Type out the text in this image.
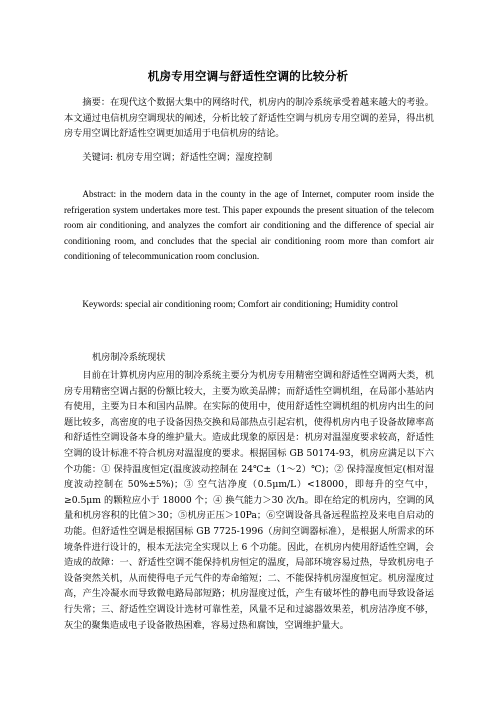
机房专用空调与舒适性空调的比较分析
摘要：在现代这个数据大集中的网络时代，机房内的制冷系统承受着越来越大的考验。本文通过电信机房空调现状的阐述，分析比较了舒适性空调与机房专用空调的差异，得出机房专用空调比舒适性空调更加适用于电信机房的结论。
关键词: 机房专用空调；舒适性空调；湿度控制
Abstract: in the modern data in the county in the age of Internet, computer room inside the refrigeration system undertakes more test. This paper expounds the present situation of the telecom room air conditioning, and analyzes the comfort air conditioning and the difference of special air conditioning room, and concludes that the special air conditioning room more than comfort air conditioning of telecommunication room conclusion.
Keywords: special air conditioning room; Comfort air conditioning; Humidity control
机房制冷系统现状
目前在计算机房内应用的制冷系统主要分为机房专用精密空调和舒适性空调两大类，机房专用精密空调占据的份额比较大，主要为欧美品牌；而舒适性空调机组，在局部小基站内有使用，主要为日本和国内品牌。在实际的使用中，使用舒适性空调机组的机房内出生的问题比较多，高密度的电子设备因热交换和局部热点引起宕机，使得机房内电子设备故障率高和舒适性空调设备本身的维护量大。造成此现象的原因是：机房对温湿度要求较高，舒适性空调的设计标准不符合机房对温湿度的要求。根据国标 GB 50174-93，机房应满足以下六个功能：① 保持温度恒定(温度波动控制在 24℃±（1～2）℃)；② 保持湿度恒定(相对湿度波动控制在 50%±5%)；③ 空气洁净度（0.5μm/L）<18000，即每升的空气中，≥0.5μm 的颗粒应小于 18000 个；④ 换气能力＞30 次/h。即在给定的机房内，空调的风量和机房容积的比值＞30；⑤机房正压＞10Pa；⑥空调设备具备远程监控及来电自启动的功能。但舒适性空调是根据国标 GB 7725-1996（房间空调器标准），是根据人所需求的环境条件进行设计的，根本无法完全实现以上 6 个功能。因此，在机房内使用舒适性空调，会造成的故障：一、舒适性空调不能保持机房恒定的温度，局部环境容易过热，导致机房电子设备突然关机，从而使得电子元气件的寿命缩短；二、不能保持机房湿度恒定。机房湿度过高，产生冷凝水而导致微电路局部短路；机房湿度过低，产生有破坏性的静电而导致设备运行失常；三、舒适性空调设计选材可靠性差，风量不足和过滤器效果差，机房洁净度不够，灰尘的聚集造成电子设备散热困难，容易过热和腐蚀，空调维护量大。
